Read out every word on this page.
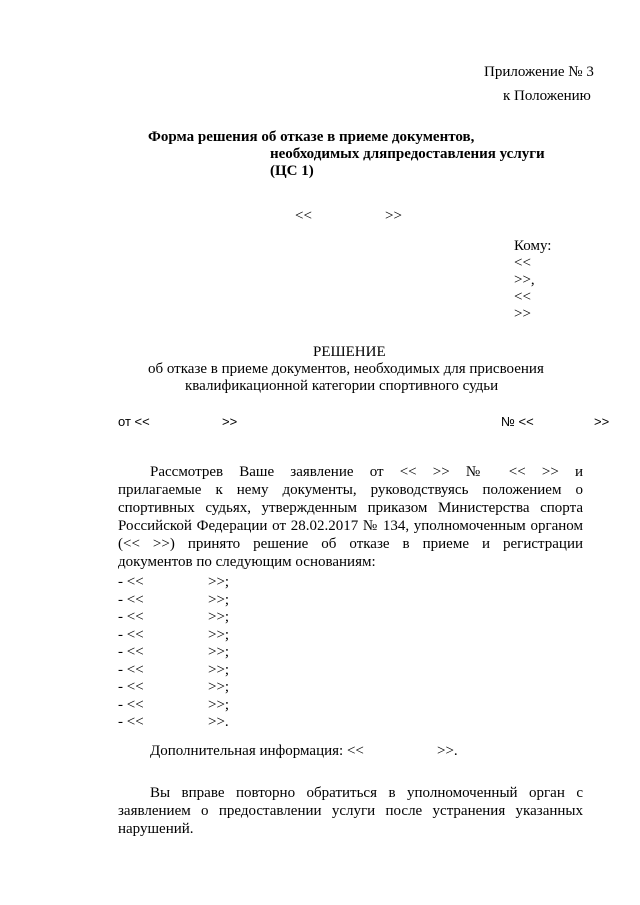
Приложение № 3
к Положению
Форма решения об отказе в приеме документов,
необходимых дляпредоставления услуги
(ЦС 1)
<<	>>
Кому:
<<
>>,
<<
>>
РЕШЕНИЕ
об отказе в приеме документов, необходимых для присвоения
квалификационной категории спортивного судьи
от <<	>>	№ <<	>>
Рассмотрев Ваше заявление от << >> № << >> и
прилагаемые к нему документы, руководствуясь положением о
спортивных судьях, утвержденным приказом Министерства спорта
Российской Федерации от 28.02.2017 № 134, уполномоченным органом
(<< >>) принято решение об отказе в приеме и регистрации
документов по следующим основаниям:
- <<	>>;
- <<	>>;
- <<	>>;
- <<	>>;
- <<	>>;
- <<	>>;
- <<	>>;
- <<	>>;
- <<	>>.
Дополнительная информация: <<	>>.
Вы вправе повторно обратиться в уполномоченный орган с
заявлением о предоставлении услуги после устранения указанных
нарушений.
